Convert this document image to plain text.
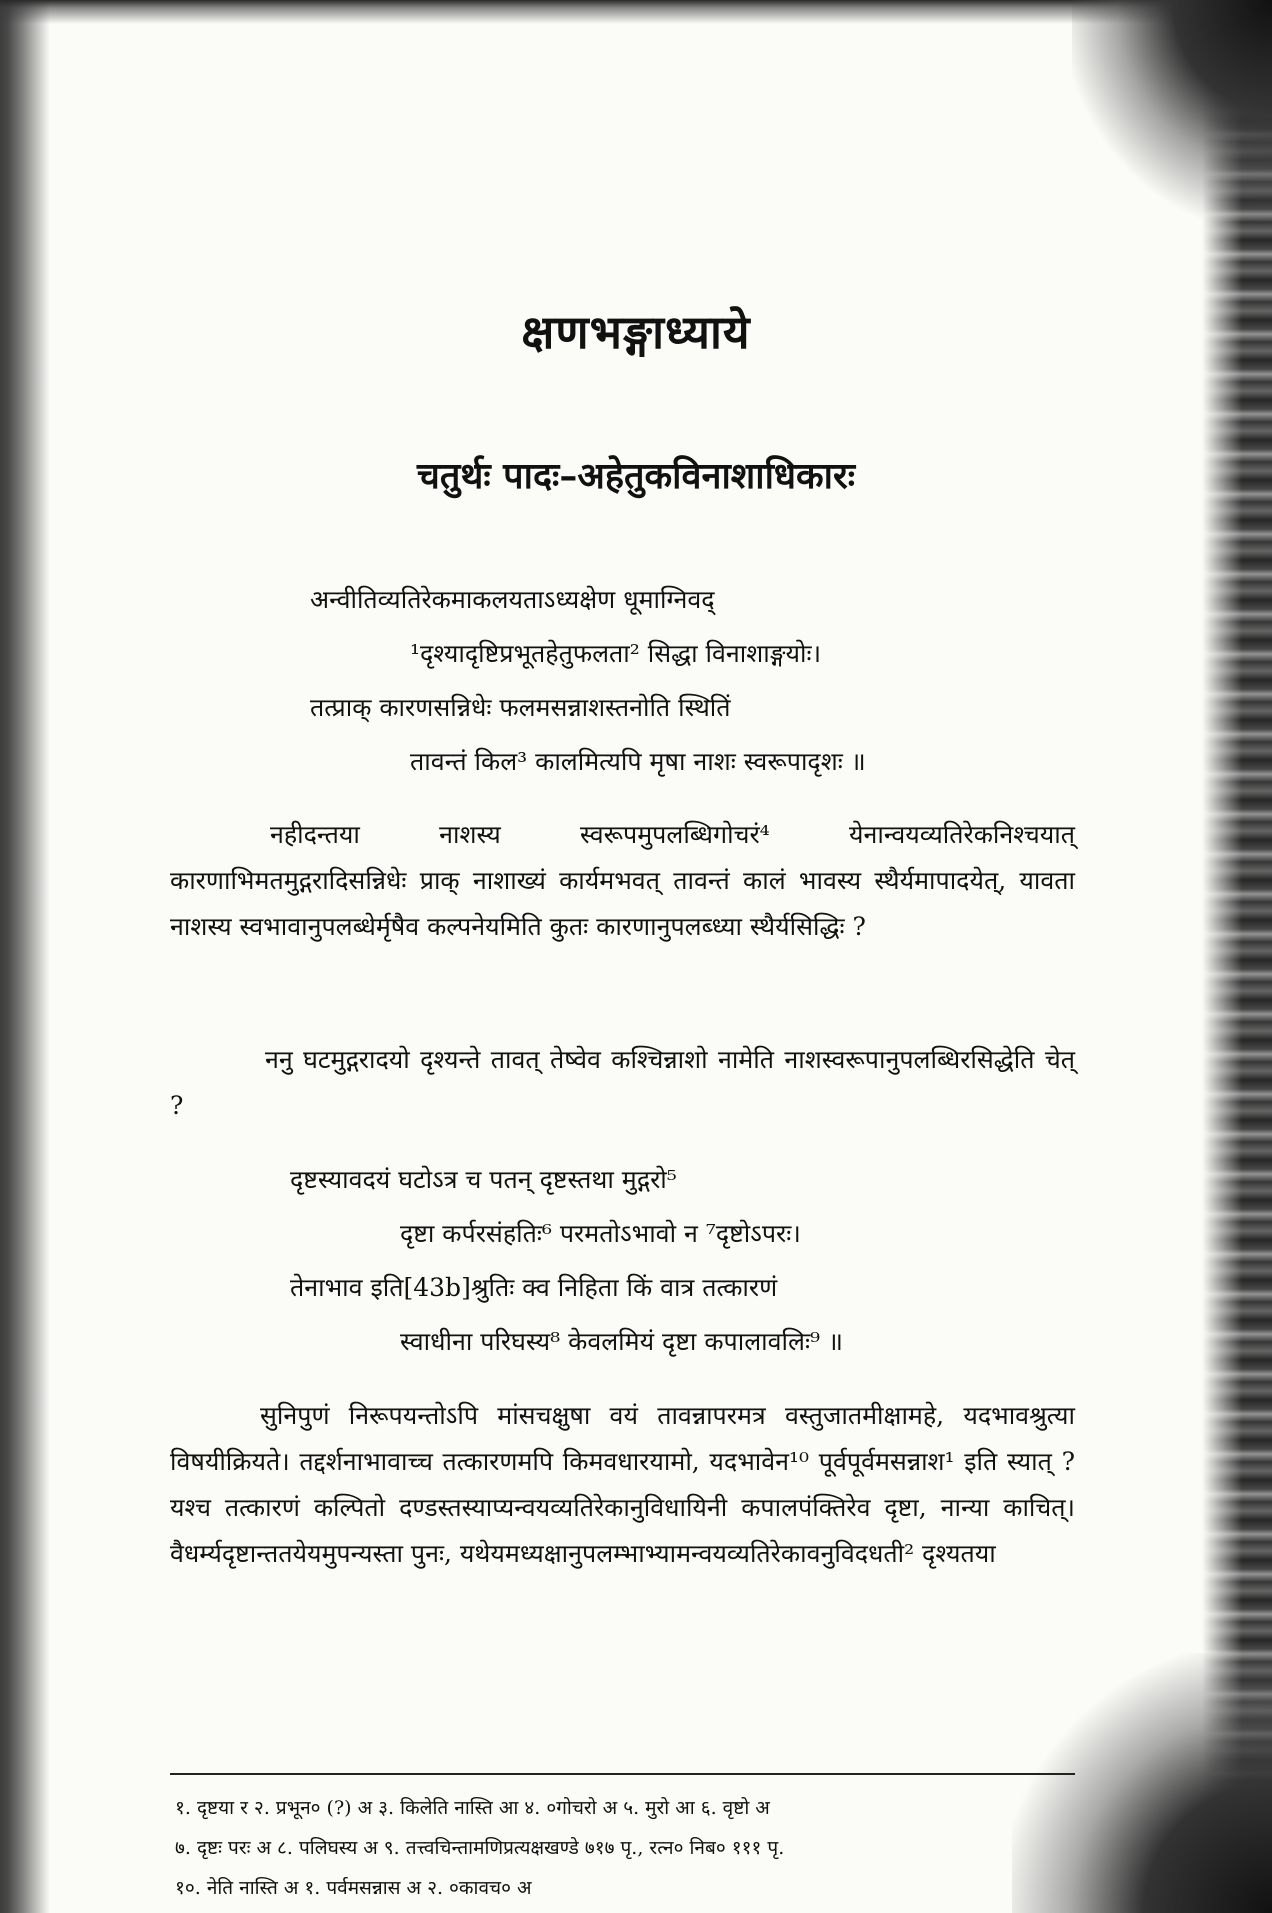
क्षणभङ्गाध्याये
चतुर्थः पादः–अहेतुकविनाशाधिकारः
अन्वीतिव्यतिरेकमाकलयताऽध्यक्षेण धूमाग्निवद्
¹दृश्यादृष्टिप्रभूतहेतुफलता² सिद्धा विनाशाङ्गयोः।
तत्प्राक् कारणसन्निधेः फलमसन्नाशस्तनोति स्थितिं
तावन्तं किल³ कालमित्यपि मृषा नाशः स्वरूपादृशः ॥
नहीदन्तया नाशस्य स्वरूपमुपलब्धिगोचरं⁴ येनान्वयव्यतिरेकनिश्चयात् कारणाभिमतमुद्गरादिसन्निधेः प्राक् नाशाख्यं कार्यमभवत् तावन्तं कालं भावस्य स्थैर्यमापादयेत्, यावता नाशस्य स्वभावानुपलब्धेर्मृषैव कल्पनेयमिति कुतः कारणानुपलब्ध्या स्थैर्यसिद्धिः ?
ननु घटमुद्गरादयो दृश्यन्ते तावत् तेष्वेव कश्चिन्नाशो नामेति नाशस्वरूपानुपलब्धिरसिद्धेति चेत् ?
दृष्टस्यावदयं घटोऽत्र च पतन् दृष्टस्तथा मुद्गरो⁵
दृष्टा कर्परसंहतिः⁶ परमतोऽभावो न ⁷दृष्टोऽपरः।
तेनाभाव इति[43b]श्रुतिः क्व निहिता किं वात्र तत्कारणं
स्वाधीना परिघस्य⁸ केवलमियं दृष्टा कपालावलिः⁹ ॥
सुनिपुणं निरूपयन्तोऽपि मांसचक्षुषा वयं तावन्नापरमत्र वस्तुजातमीक्षामहे, यदभावश्रुत्या विषयीक्रियते। तद्दर्शनाभावाच्च तत्कारणमपि किमवधारयामो, यदभावेन¹⁰ पूर्वपूर्वमसन्नाश¹ इति स्यात् ? यश्च तत्कारणं कल्पितो दण्डस्तस्याप्यन्वयव्यतिरेकानुविधायिनी कपालपंक्तिरेव दृष्टा, नान्या काचित्। वैधर्म्यदृष्टान्ततयेयमुपन्यस्ता पुनः, यथेयमध्यक्षानुपलम्भाभ्यामन्वयव्यतिरेकावनुविदधती² दृश्यतया
१. दृष्टया र २. प्रभून० (?) अ ३. किलेति नास्ति आ ४. ०गोचरो अ ५. मुरो आ ६. वृष्टो अ
७. दृष्टः परः अ ८. पलिघस्य अ ९. तत्त्वचिन्तामणिप्रत्यक्षखण्डे ७१७ पृ., रत्न० निब० १११ पृ.
१०. नेति नास्ति अ १. पर्वमसन्नास अ २. ०कावच० अ
